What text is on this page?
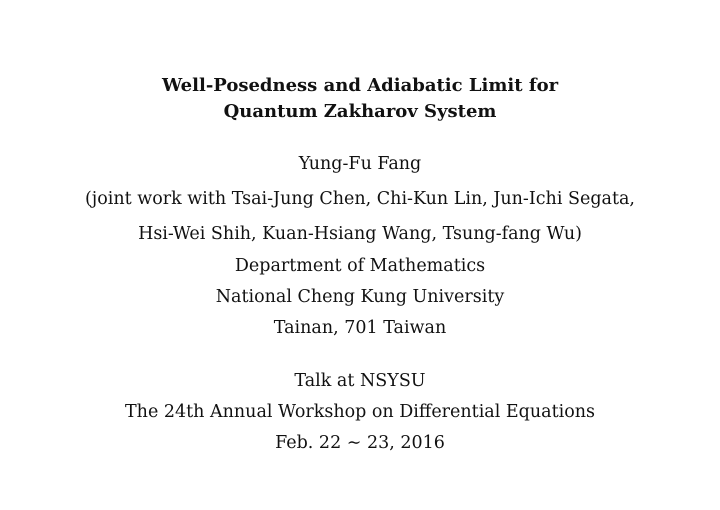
Well-Posedness and Adiabatic Limit for
Quantum Zakharov System
Yung-Fu Fang
(joint work with Tsai-Jung Chen, Chi-Kun Lin, Jun-Ichi Segata,
Hsi-Wei Shih, Kuan-Hsiang Wang, Tsung-fang Wu)
Department of Mathematics
National Cheng Kung University
Tainan, 701 Taiwan
Talk at NSYSU
The 24th Annual Workshop on Differential Equations
Feb. 22 ∼ 23, 2016
